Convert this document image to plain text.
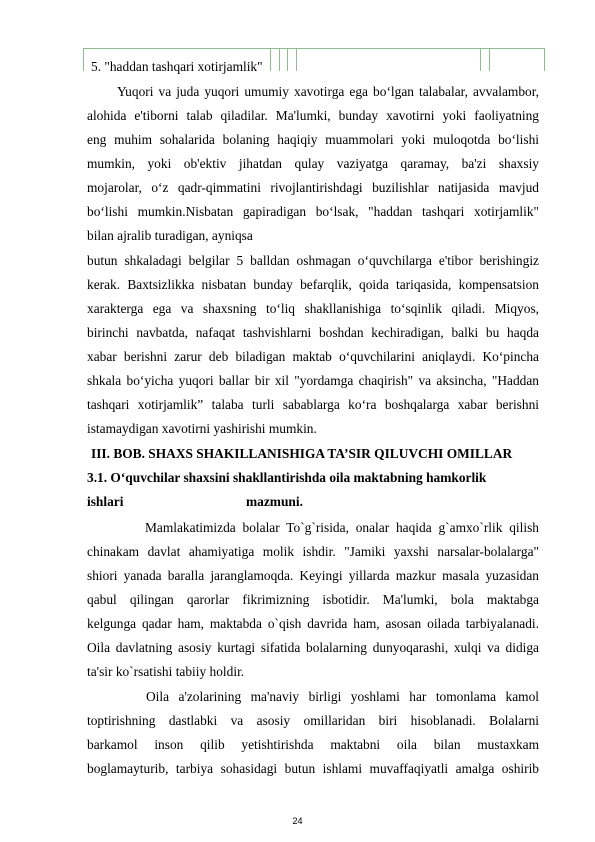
5. "haddan tashqari xotirjamlik"
Yuqori va juda yuqori umumiy xavotirga ega bo‘lgan talabalar, avvalambor,
alohida e'tiborni talab qiladilar. Ma'lumki, bunday xavotirni yoki faoliyatning
eng muhim sohalarida bolaning haqiqiy muammolari yoki muloqotda bo‘lishi
mumkin, yoki ob'ektiv jihatdan qulay vaziyatga qaramay, ba'zi shaxsiy
mojarolar, o‘z qadr-qimmatini rivojlantirishdagi buzilishlar natijasida mavjud
bo‘lishi mumkin.Nisbatan gapiradigan bo‘lsak, "haddan tashqari xotirjamlik"
bilan ajralib turadigan, ayniqsa
butun shkaladagi belgilar 5 balldan oshmagan o‘quvchilarga e'tibor berishingiz
kerak. Baxtsizlikka nisbatan bunday befarqlik, qoida tariqasida, kompensatsion
xarakterga ega va shaxsning to‘liq shakllanishiga to‘sqinlik qiladi. Miqyos,
birinchi navbatda, nafaqat tashvishlarni boshdan kechiradigan, balki bu haqda
xabar berishni zarur deb biladigan maktab o‘quvchilarini aniqlaydi. Ko‘pincha
shkala bo‘yicha yuqori ballar bir xil "yordamga chaqirish" va aksincha, "Haddan
tashqari xotirjamlik” talaba turli sabablarga ko‘ra boshqalarga xabar berishni
istamaydigan xavotirni yashirishi mumkin.
III. BOB. SHAXS SHAKILLANISHIGA TA’SIR QILUVCHI OMILLAR
3.1. O‘quvchilar shaxsini shakllantirishda oila maktabning hamkorlik
ishlari	mazmuni.
Mamlakatimizda bolalar To`g`risida, onalar haqida g`amxo`rlik qilish
chinakam davlat ahamiyatiga molik ishdir. "Jamiki yaxshi narsalar-bolalarga"
shiori yanada baralla jaranglamoqda. Keyingi yillarda mazkur masala yuzasidan
qabul qilingan qarorlar fikrimizning isbotidir. Ma'lumki, bola maktabga
kelgunga qadar ham, maktabda o`qish davrida ham, asosan oilada tarbiyalanadi.
Oila davlatning asosiy kurtagi sifatida bolalarning dunyoqarashi, xulqi va didiga
ta'sir ko`rsatishi tabiiy holdir.
Oila a'zolarining ma'naviy birligi yoshlami har tomonlama kamol
toptirishning dastlabki va asosiy omillaridan biri hisoblanadi. Bolalarni
barkamol inson qilib yetishtirishda maktabni oila bilan mustaxkam
boglamayturib, tarbiya sohasidagi butun ishlami muvaffaqiyatli amalga oshirib
24
